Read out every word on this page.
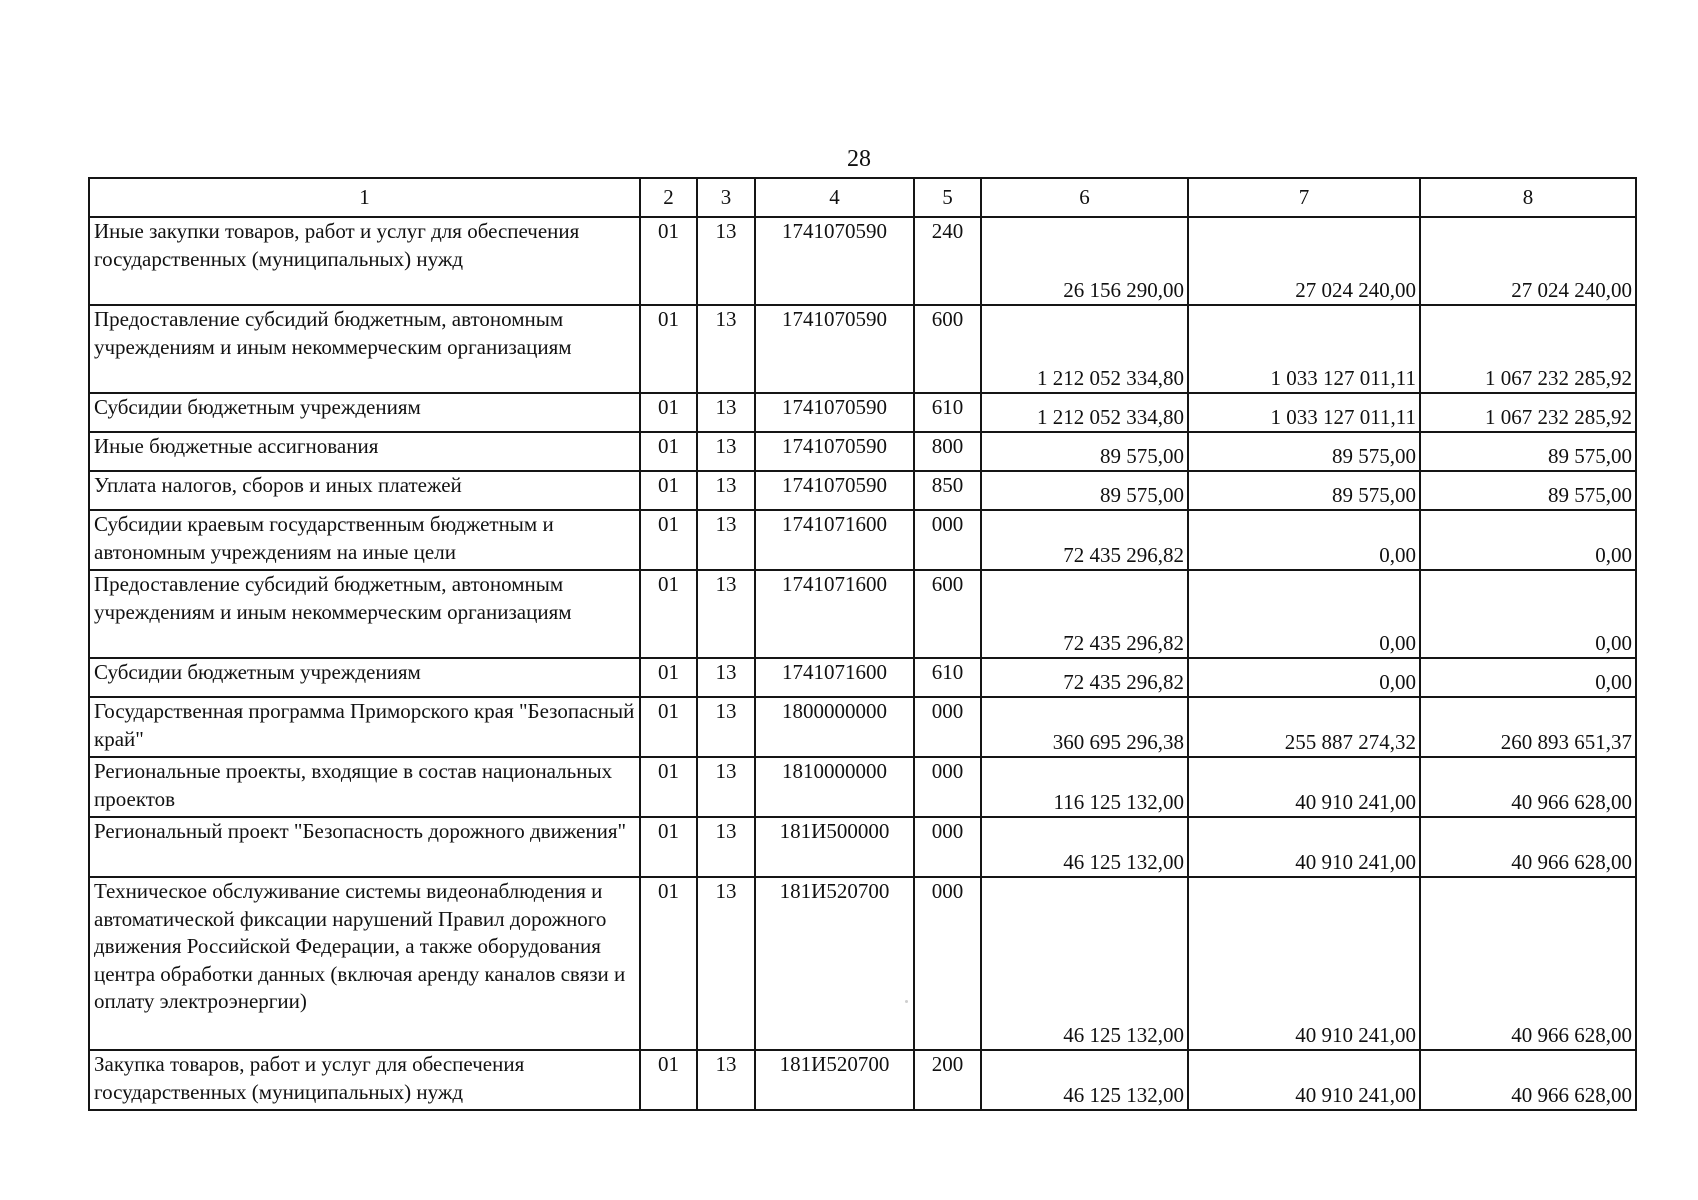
28
1	2	3	4	5	6	7	8
Иные закупки товаров, работ и услуг для обеспечения государственных (муниципальных) нужд	01	13	1741070590	240	26 156 290,00	27 024 240,00	27 024 240,00
Предоставление субсидий бюджетным, автономным учреждениям и иным некоммерческим организациям	01	13	1741070590	600	1 212 052 334,80	1 033 127 011,11	1 067 232 285,92
Субсидии бюджетным учреждениям	01	13	1741070590	610	1 212 052 334,80	1 033 127 011,11	1 067 232 285,92
Иные бюджетные ассигнования	01	13	1741070590	800	89 575,00	89 575,00	89 575,00
Уплата налогов, сборов и иных платежей	01	13	1741070590	850	89 575,00	89 575,00	89 575,00
Субсидии краевым государственным бюджетным и автономным учреждениям на иные цели	01	13	1741071600	000	72 435 296,82	0,00	0,00
Предоставление субсидий бюджетным, автономным учреждениям и иным некоммерческим организациям	01	13	1741071600	600	72 435 296,82	0,00	0,00
Субсидии бюджетным учреждениям	01	13	1741071600	610	72 435 296,82	0,00	0,00
Государственная программа Приморского края "Безопасный край"	01	13	1800000000	000	360 695 296,38	255 887 274,32	260 893 651,37
Региональные проекты, входящие в состав национальных проектов	01	13	1810000000	000	116 125 132,00	40 910 241,00	40 966 628,00
Региональный проект "Безопасность дорожного движения"	01	13	181И500000	000	46 125 132,00	40 910 241,00	40 966 628,00
Техническое обслуживание системы видеонаблюдения и автоматической фиксации нарушений Правил дорожного движения Российской Федерации, а также оборудования центра обработки данных (включая аренду каналов связи и оплату электроэнергии)	01	13	181И520700	000	46 125 132,00	40 910 241,00	40 966 628,00
Закупка товаров, работ и услуг для обеспечения государственных (муниципальных) нужд	01	13	181И520700	200	46 125 132,00	40 910 241,00	40 966 628,00
